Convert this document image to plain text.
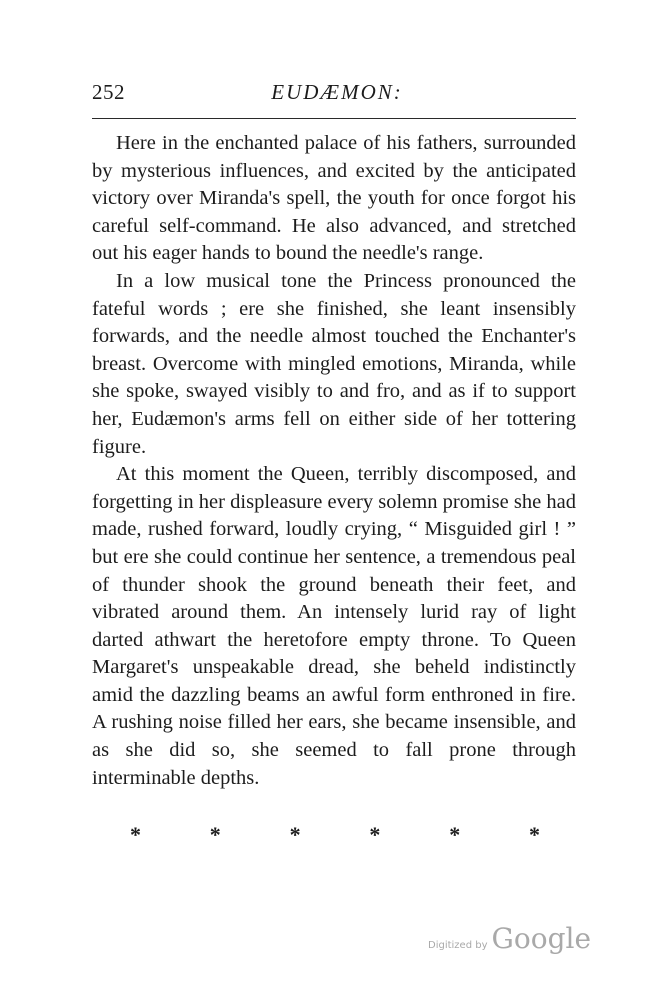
252	EUDÆMON:

Here in the enchanted palace of his fathers, surrounded by mysterious influences, and excited by the anticipated victory over Miranda's spell, the youth for once forgot his careful self-command. He also advanced, and stretched out his eager hands to bound the needle's range.

In a low musical tone the Princess pronounced the fateful words ; ere she finished, she leant insensibly forwards, and the needle almost touched the Enchanter's breast. Overcome with mingled emotions, Miranda, while she spoke, swayed visibly to and fro, and as if to support her, Eudæmon's arms fell on either side of her tottering figure.

At this moment the Queen, terribly discomposed, and forgetting in her displeasure every solemn promise she had made, rushed forward, loudly crying, “ Misguided girl ! ” but ere she could continue her sentence, a tremendous peal of thunder shook the ground beneath their feet, and vibrated around them. An intensely lurid ray of light darted athwart the heretofore empty throne. To Queen Margaret's unspeakable dread, she beheld indistinctly amid the dazzling beams an awful form enthroned in fire. A rushing noise filled her ears, she became insensible, and as she did so, she seemed to fall prone through interminable depths.

*	*	*	*	*	*
Digitized by Google
